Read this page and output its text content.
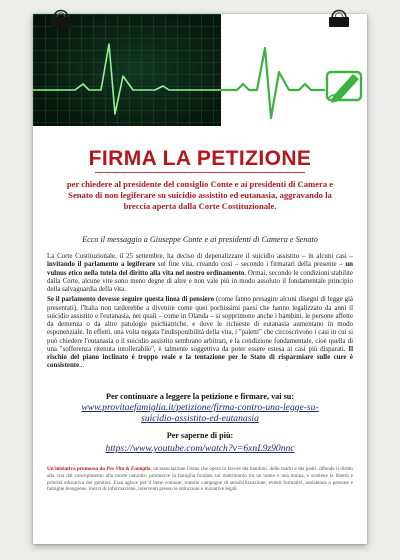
FIRMA LA PETIZIONE
per chiedere al presidente del consiglio Conte e ai presidenti di Camera e Senato di non legiferare su suicidio assistito ed eutanasia, aggravando la breccia aperta dalla Corte Costituzionale.
Ecco il messaggio a Giuseppe Conte e ai presidenti di Camera e Senato

La Corte Costituzionale, il 25 settembre, ha deciso di depenalizzare il suicidio assistito – in alcuni casi – invitando il parlamento a legiferare sul fine vita, creando così – secondo i firmatari della presente – un vulnus etico nella tutela del diritto alla vita nel nostro ordinamento. Ormai, secondo le condizioni stabilite dalla Corte, alcune vite sono meno degne di altre e non vale più in modo assoluto il fondamentale principio della salvaguardia della vita.

Se il parlamento dovesse seguire questa linea di pensiero (come fanno presagire alcuni disegni di legge già presentati), l'Italia non tarderebbe a divenire come quei pochissimi paesi che hanno legalizzato da anni il suicidio assistito e l'eutanasia, nei quali – come in Olanda – si sopprimono anche i bambini, le persone affette da demenza o da altre patologie psichiatriche, e dove le richieste di eutanasia aumentano in modo esponenziale. In effetti, una volta negata l'indisponibilità della vita, i "paletti" che circoscrivono i casi in cui si può chiedere l'eutanasia o il suicidio assistito sembrano arbitrari, e la condizione fondamentale, cioè quella di una "sofferenza ritenuta intollerabile", è talmente soggettiva da poter essere estesa ai casi più disparati. Il rischio del piano inclinato è troppo reale e la tentazione per lo Stato di risparmiare sulle cure è consistente...

Per continuare a leggere la petizione e firmare, vai su:
www.provitaefamiglia.it/petizione/firma-contro-una-legge-su-
suicidio-assistito-ed-eutanasia
Per saperne di più:
https://www.youtube.com/watch?v=6xnL9z90nnc
Un'iniziativa promossa da Pro Vita & Famiglia, un'associazione Onlus che opera in favore dei bambini, delle madri e dei padri, difende il diritto alla vita dal concepimento alla morte naturale, promuove la famiglia fondata sul matrimonio tra un uomo e una donna, e sostiene la libertà e priorità educativa dei genitori. Essa agisce per il bene comune, tramite campagne di sensibilizzazione, eventi formativi, assistenza a persone e famiglie bisognose, mezzi di informazione, interventi presso le istituzioni e iniziative legali.
